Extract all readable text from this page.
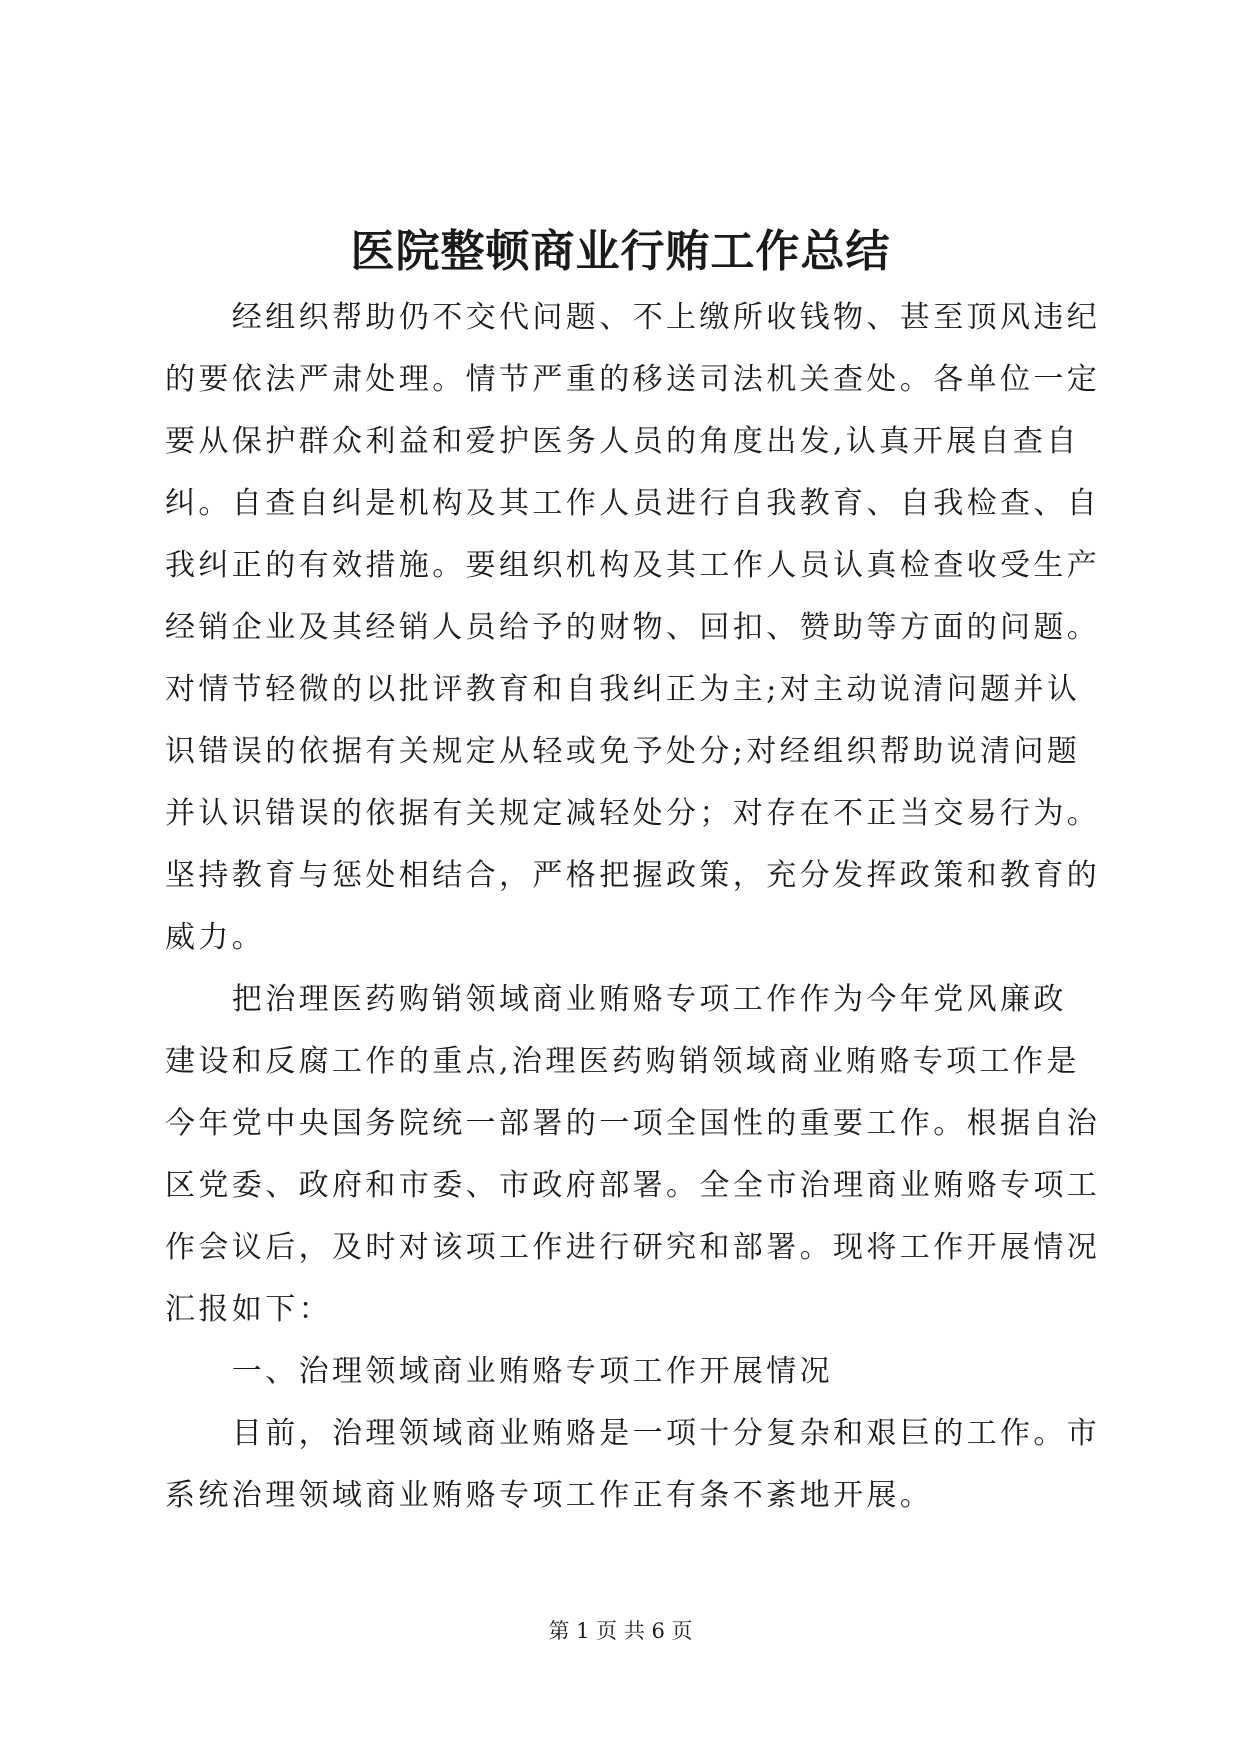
医院整顿商业行贿工作总结

　　经组织帮助仍不交代问题、不上缴所收钱物、甚至顶风违纪
的要依法严肃处理。情节严重的移送司法机关查处。各单位一定
要从保护群众利益和爱护医务人员的角度出发,认真开展自查自
纠。自查自纠是机构及其工作人员进行自我教育、自我检查、自
我纠正的有效措施。要组织机构及其工作人员认真检查收受生产
经销企业及其经销人员给予的财物、回扣、赞助等方面的问题。
对情节轻微的以批评教育和自我纠正为主;对主动说清问题并认
识错误的依据有关规定从轻或免予处分;对经组织帮助说清问题
并认识错误的依据有关规定减轻处分；对存在不正当交易行为。
坚持教育与惩处相结合，严格把握政策，充分发挥政策和教育的
威力。

　　把治理医药购销领域商业贿赂专项工作作为今年党风廉政
建设和反腐工作的重点,治理医药购销领域商业贿赂专项工作是
今年党中央国务院统一部署的一项全国性的重要工作。根据自治
区党委、政府和市委、市政府部署。全全市治理商业贿赂专项工
作会议后，及时对该项工作进行研究和部署。现将工作开展情况
汇报如下：

　　一、治理领域商业贿赂专项工作开展情况

　　目前，治理领域商业贿赂是一项十分复杂和艰巨的工作。市
系统治理领域商业贿赂专项工作正有条不紊地开展。

第 1 页 共 6 页
